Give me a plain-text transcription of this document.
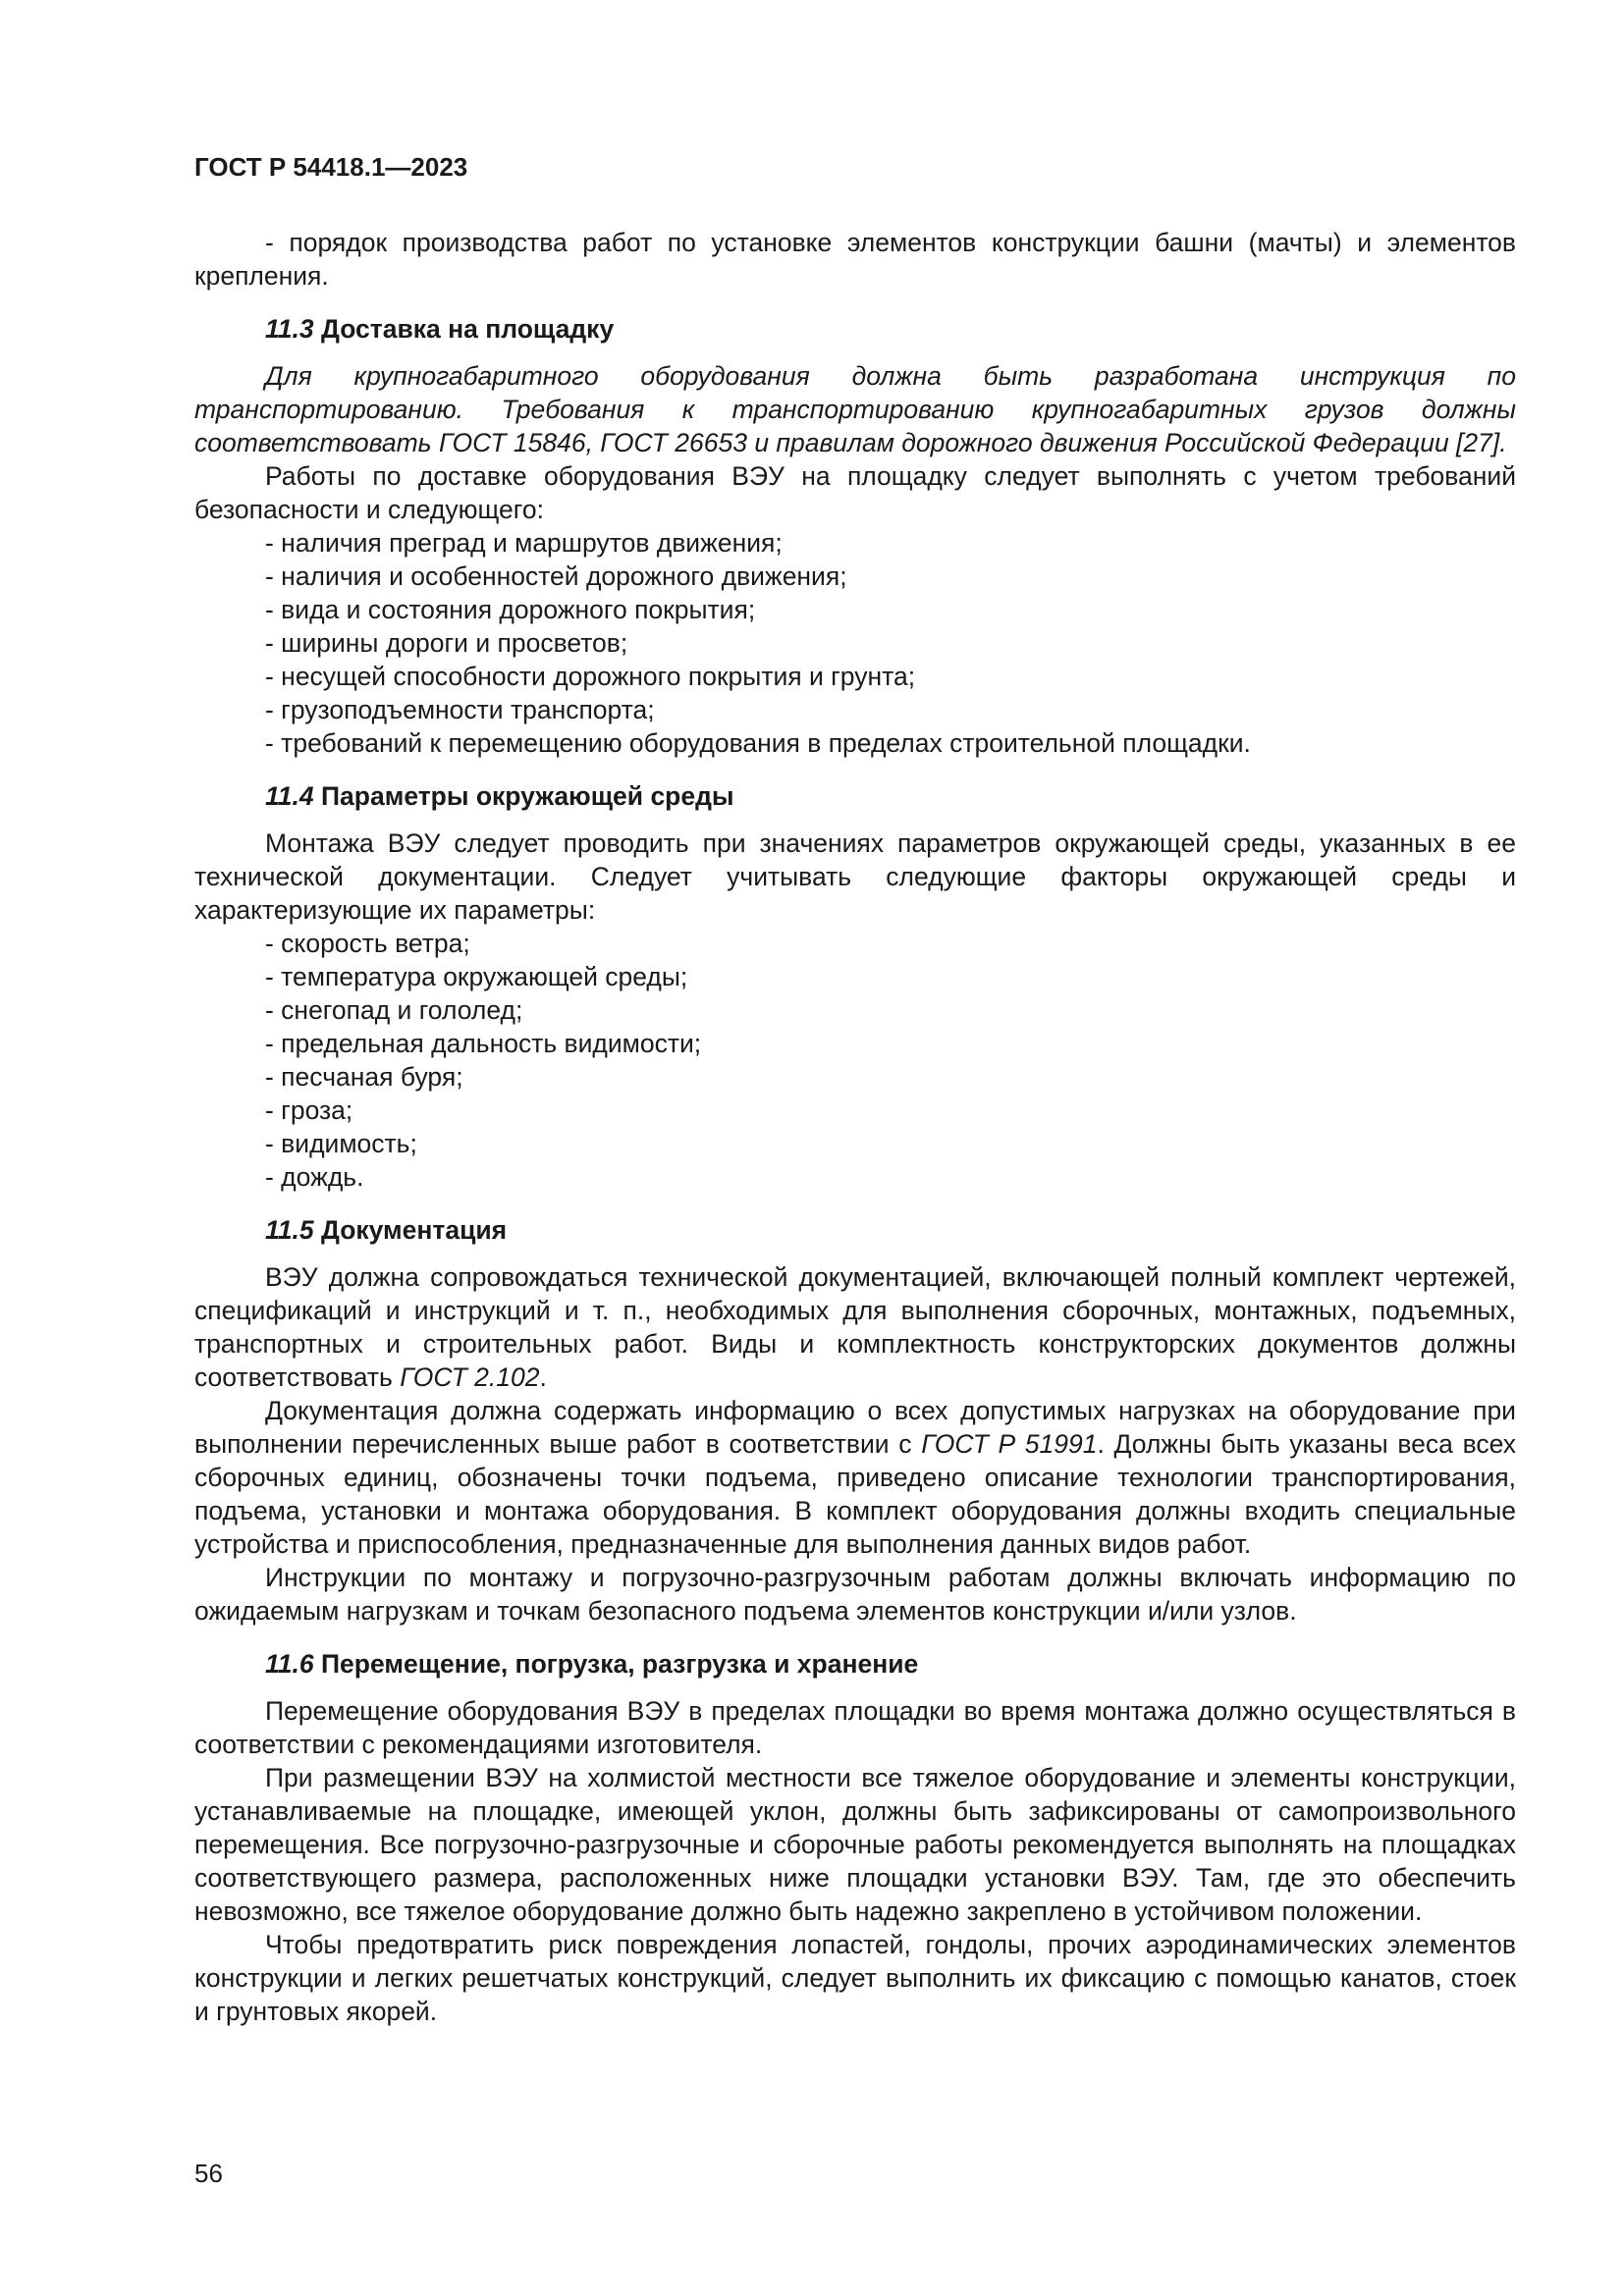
ГОСТ Р 54418.1—2023

- порядок производства работ по установке элементов конструкции башни (мачты) и элементов крепления.

11.3 Доставка на площадку

Для крупногабаритного оборудования должна быть разработана инструкция по транспортированию. Требования к транспортированию крупногабаритных грузов должны соответствовать ГОСТ 15846, ГОСТ 26653 и правилам дорожного движения Российской Федерации [27].

Работы по доставке оборудования ВЭУ на площадку следует выполнять с учетом требований безопасности и следующего:

- наличия преград и маршрутов движения;

- наличия и особенностей дорожного движения;

- вида и состояния дорожного покрытия;

- ширины дороги и просветов;

- несущей способности дорожного покрытия и грунта;

- грузоподъемности транспорта;

- требований к перемещению оборудования в пределах строительной площадки.

11.4 Параметры окружающей среды

Монтажа ВЭУ следует проводить при значениях параметров окружающей среды, указанных в ее технической документации. Следует учитывать следующие факторы окружающей среды и характеризующие их параметры:

- скорость ветра;

- температура окружающей среды;

- снегопад и гололед;

- предельная дальность видимости;

- песчаная буря;

- гроза;

- видимость;

- дождь.

11.5 Документация

ВЭУ должна сопровождаться технической документацией, включающей полный комплект чертежей, спецификаций и инструкций и т. п., необходимых для выполнения сборочных, монтажных, подъемных, транспортных и строительных работ. Виды и комплектность конструкторских документов должны соответствовать ГОСТ 2.102.

Документация должна содержать информацию о всех допустимых нагрузках на оборудование при выполнении перечисленных выше работ в соответствии с ГОСТ Р 51991. Должны быть указаны веса всех сборочных единиц, обозначены точки подъема, приведено описание технологии транспортирования, подъема, установки и монтажа оборудования. В комплект оборудования должны входить специальные устройства и приспособления, предназначенные для выполнения данных видов работ.

Инструкции по монтажу и погрузочно-разгрузочным работам должны включать информацию по ожидаемым нагрузкам и точкам безопасного подъема элементов конструкции и/или узлов.

11.6 Перемещение, погрузка, разгрузка и хранение

Перемещение оборудования ВЭУ в пределах площадки во время монтажа должно осуществляться в соответствии с рекомендациями изготовителя.

При размещении ВЭУ на холмистой местности все тяжелое оборудование и элементы конструкции, устанавливаемые на площадке, имеющей уклон, должны быть зафиксированы от самопроизвольного перемещения. Все погрузочно-разгрузочные и сборочные работы рекомендуется выполнять на площадках соответствующего размера, расположенных ниже площадки установки ВЭУ. Там, где это обеспечить невозможно, все тяжелое оборудование должно быть надежно закреплено в устойчивом положении.

Чтобы предотвратить риск повреждения лопастей, гондолы, прочих аэродинамических элементов конструкции и легких решетчатых конструкций, следует выполнить их фиксацию с помощью канатов, стоек и грунтовых якорей.

56
